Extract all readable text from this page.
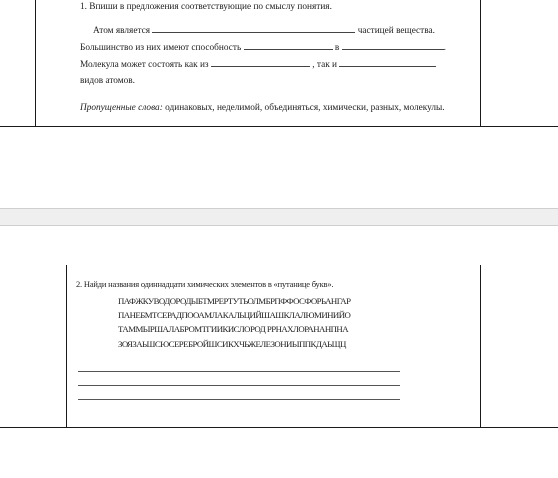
1. Впиши в предложения соответствующие по смыслу понятия.
Атом является	частицей вещества.
Большинство из них имеют способность	в	.
Молекула может состоять как из	, так и
видов атомов.
Пропущенные слова: одинаковых, неделимой, объединяться, химически, разных, молекулы.
2. Найди названия одиннадцати химических элементов в «путанице букв».
ПАФЖКУВОДОРОДЫБТМРЕРТУТЬОЛМБРПФФОСФОРЬАНГАР
ПАНЕБМТСЕРАДПООАМЛАКАЛЬЦИЙШАШКЛАЛЮМИНИЙО
ТАММЫРШАЛАБРОМТГИИКИСЛОРОД РРНАХЛОРАНАНПНА
ЗОЯЗАЬШСЮСЕРЕБРОЙШСИКХЧЬЖЕЛЕЗОНИЫППКДАЬЩЦ
